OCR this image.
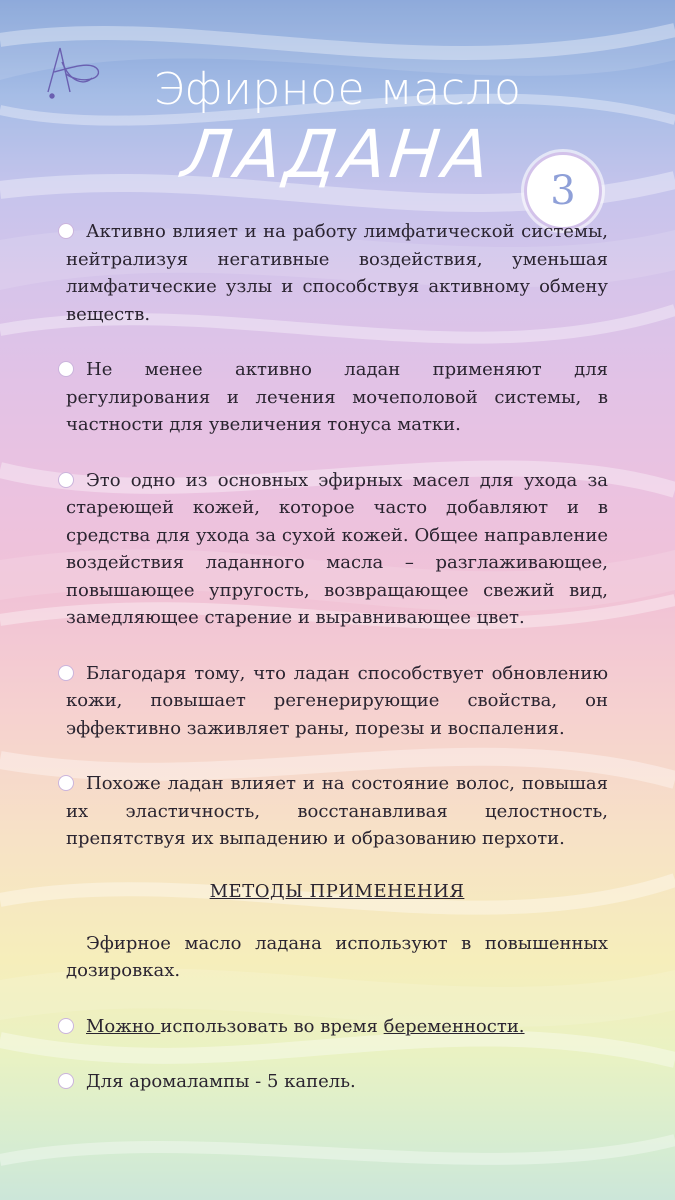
Эфирное масло
ЛАДАНА	3

Активно влияет и на работу лимфатической системы, нейтрализуя негативные воздействия, уменьшая лимфатические узлы и способствуя активному обмену веществ.

Не менее активно ладан применяют для регулирования и лечения мочеполовой системы, в частности для увеличения тонуса матки.

Это одно из основных эфирных масел для ухода за стареющей кожей, которое часто добавляют и в средства для ухода за сухой кожей. Общее направление воздействия ладанного масла – разглаживающее, повышающее упругость, возвращающее свежий вид, замедляющее старение и выравнивающее цвет.

Благодаря тому, что ладан способствует обновлению кожи, повышает регенерирующие свойства, он эффективно заживляет раны, порезы и воспаления.

Похоже ладан влияет и на состояние волос, повышая их эластичность, восстанавливая целостность, препятствуя их выпадению и образованию перхоти.

МЕТОДЫ ПРИМЕНЕНИЯ

Эфирное масло ладана используют в повышенных дозировках.

Можно использовать во время беременности.

Для аромалампы - 5 капель.
